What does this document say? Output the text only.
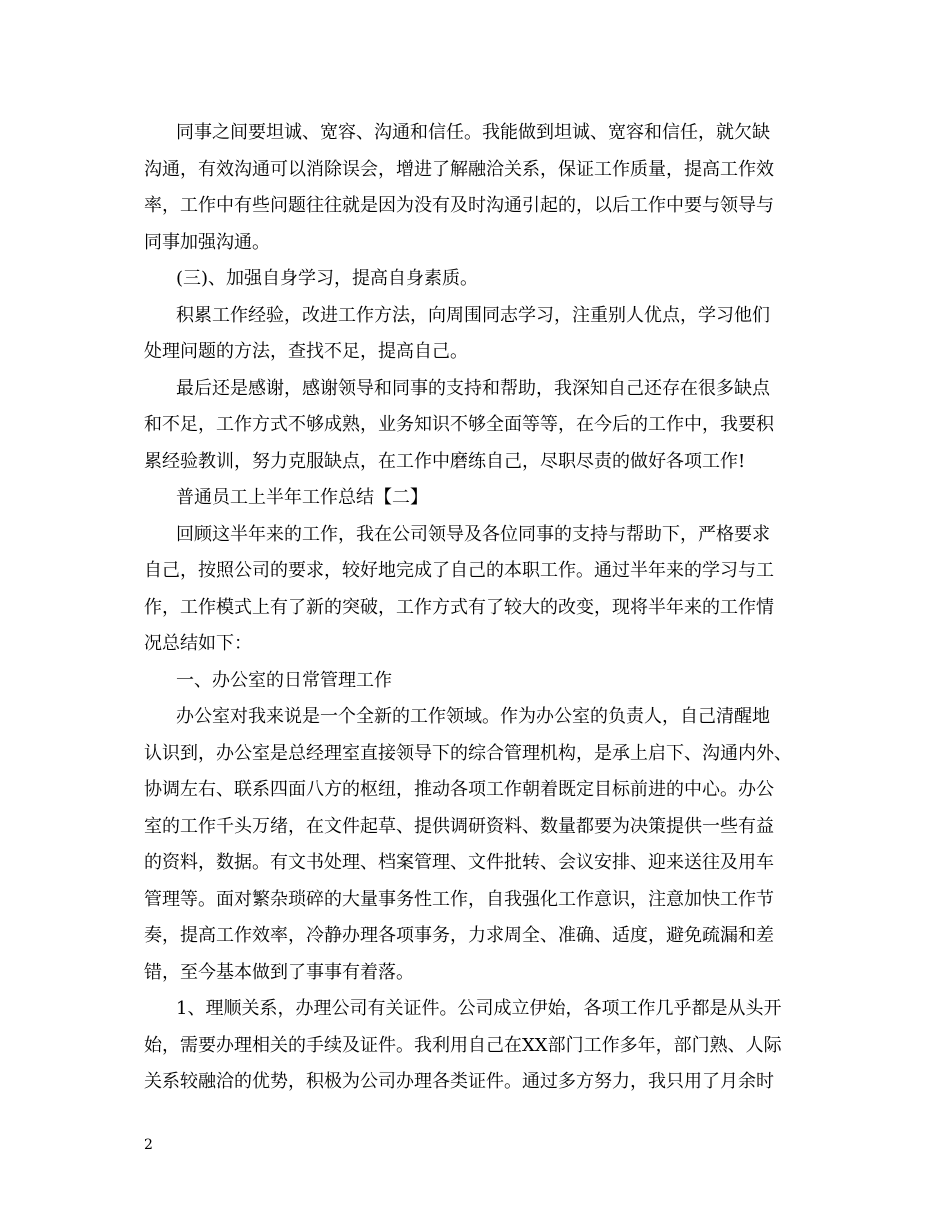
同事之间要坦诚、宽容、沟通和信任。我能做到坦诚、宽容和信任，就欠缺
沟通，有效沟通可以消除误会，增进了解融洽关系，保证工作质量，提高工作效
率，工作中有些问题往往就是因为没有及时沟通引起的，以后工作中要与领导与
同事加强沟通。

(三)、加强自身学习，提高自身素质。

积累工作经验，改进工作方法，向周围同志学习，注重别人优点，学习他们
处理问题的方法，查找不足，提高自己。

最后还是感谢，感谢领导和同事的支持和帮助，我深知自己还存在很多缺点
和不足，工作方式不够成熟，业务知识不够全面等等，在今后的工作中，我要积
累经验教训，努力克服缺点，在工作中磨练自己，尽职尽责的做好各项工作!

普通员工上半年工作总结【二】

回顾这半年来的工作，我在公司领导及各位同事的支持与帮助下，严格要求
自己，按照公司的要求，较好地完成了自己的本职工作。通过半年来的学习与工
作，工作模式上有了新的突破，工作方式有了较大的改变，现将半年来的工作情
况总结如下：

一、办公室的日常管理工作

办公室对我来说是一个全新的工作领域。作为办公室的负责人，自己清醒地
认识到，办公室是总经理室直接领导下的综合管理机构，是承上启下、沟通内外、
协调左右、联系四面八方的枢纽，推动各项工作朝着既定目标前进的中心。办公
室的工作千头万绪，在文件起草、提供调研资料、数量都要为决策提供一些有益
的资料，数据。有文书处理、档案管理、文件批转、会议安排、迎来送往及用车
管理等。面对繁杂琐碎的大量事务性工作，自我强化工作意识，注意加快工作节
奏，提高工作效率，冷静办理各项事务，力求周全、准确、适度，避免疏漏和差
错，至今基本做到了事事有着落。

1、理顺关系，办理公司有关证件。公司成立伊始，各项工作几乎都是从头开
始，需要办理相关的手续及证件。我利用自己在XX部门工作多年，部门熟、人际
关系较融洽的优势，积极为公司办理各类证件。通过多方努力，我只用了月余时

2
